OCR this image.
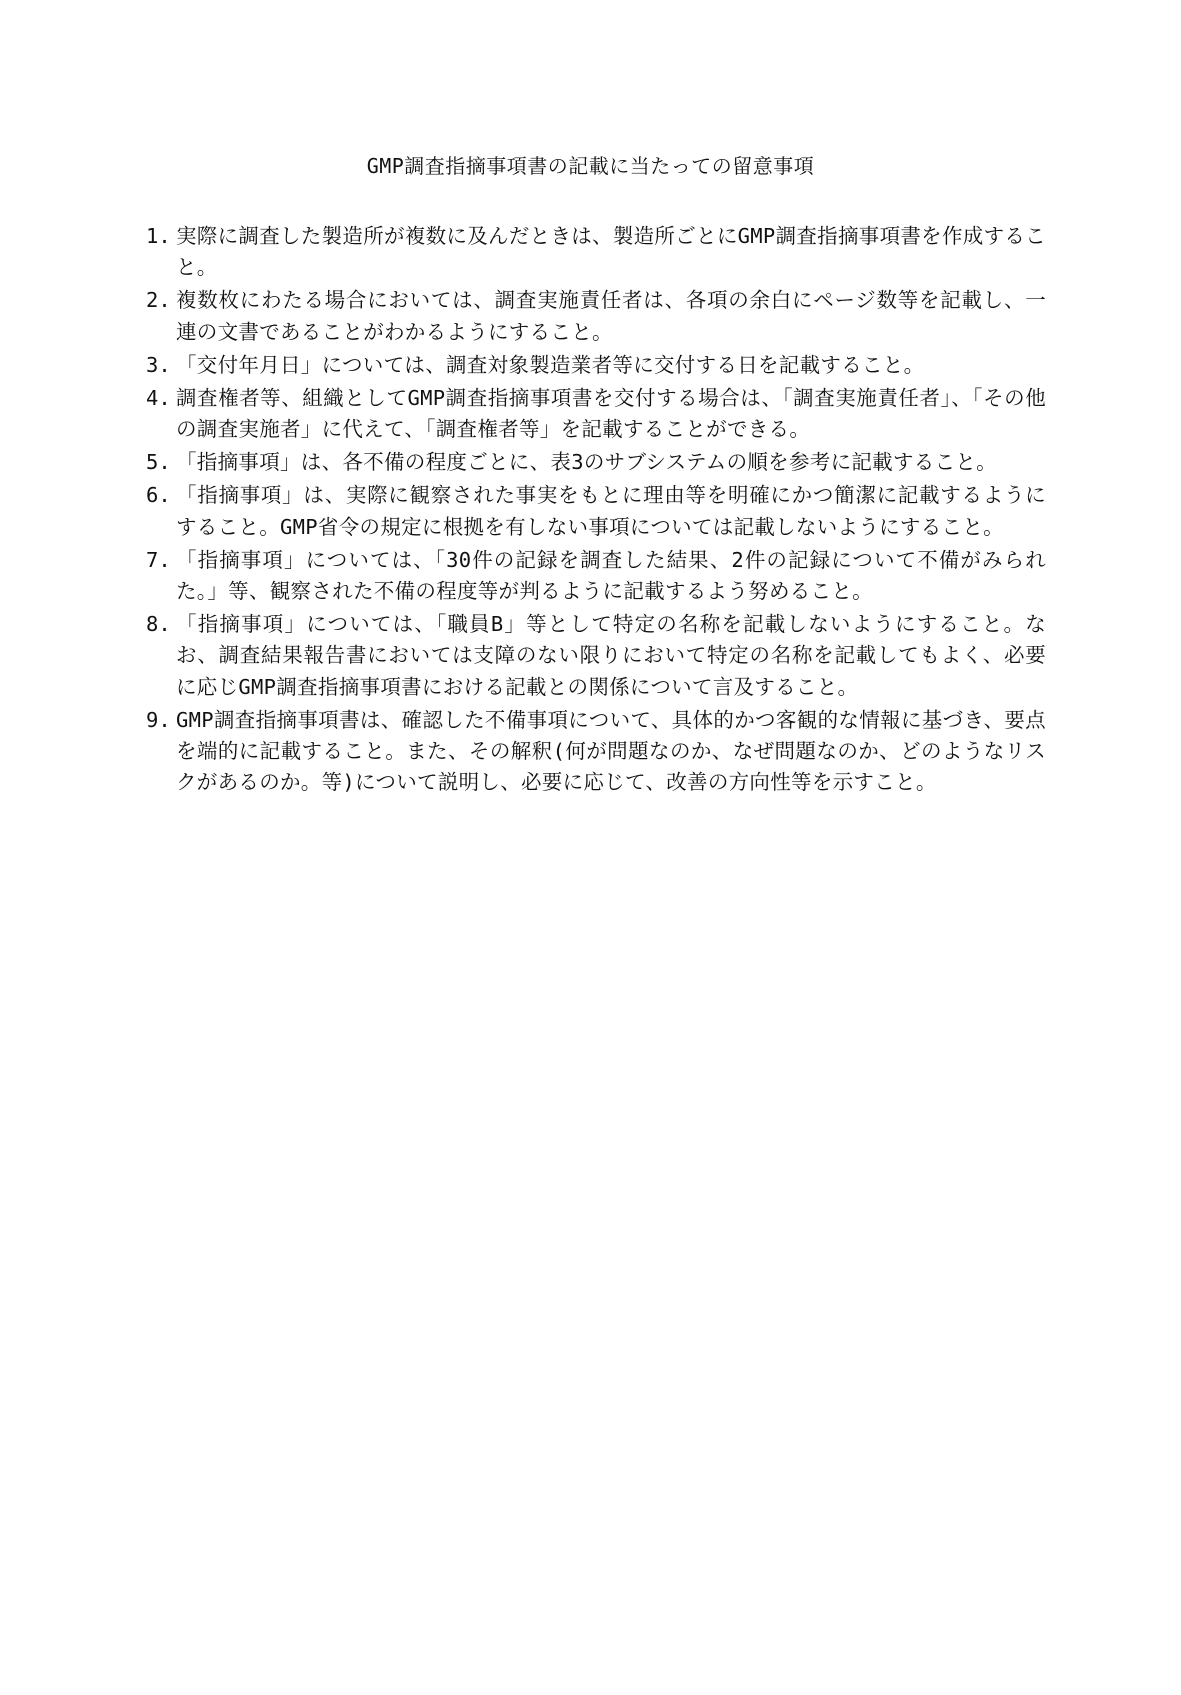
GMP調査指摘事項書の記載に当たっての留意事項
1. 実際に調査した製造所が複数に及んだときは、製造所ごとにGMP調査指摘事項書を作成すること。
2. 複数枚にわたる場合においては、調査実施責任者は、各項の余白にページ数等を記載し、一連の文書であることがわかるようにすること。
3. 「交付年月日」については、調査対象製造業者等に交付する日を記載すること。
4. 調査権者等、組織としてGMP調査指摘事項書を交付する場合は、「調査実施責任者」、「その他の調査実施者」に代えて、「調査権者等」を記載することができる。
5. 「指摘事項」は、各不備の程度ごとに、表3のサブシステムの順を参考に記載すること。
6. 「指摘事項」は、実際に観察された事実をもとに理由等を明確にかつ簡潔に記載するようにすること。GMP省令の規定に根拠を有しない事項については記載しないようにすること。
7. 「指摘事項」については、「30件の記録を調査した結果、2件の記録について不備がみられた。」等、観察された不備の程度等が判るように記載するよう努めること。
8. 「指摘事項」については、「職員B」等として特定の名称を記載しないようにすること。なお、調査結果報告書においては支障のない限りにおいて特定の名称を記載してもよく、必要に応じGMP調査指摘事項書における記載との関係について言及すること。
9. GMP調査指摘事項書は、確認した不備事項について、具体的かつ客観的な情報に基づき、要点を端的に記載すること。また、その解釈(何が問題なのか、なぜ問題なのか、どのようなリスクがあるのか。等)について説明し、必要に応じて、改善の方向性等を示すこと。
